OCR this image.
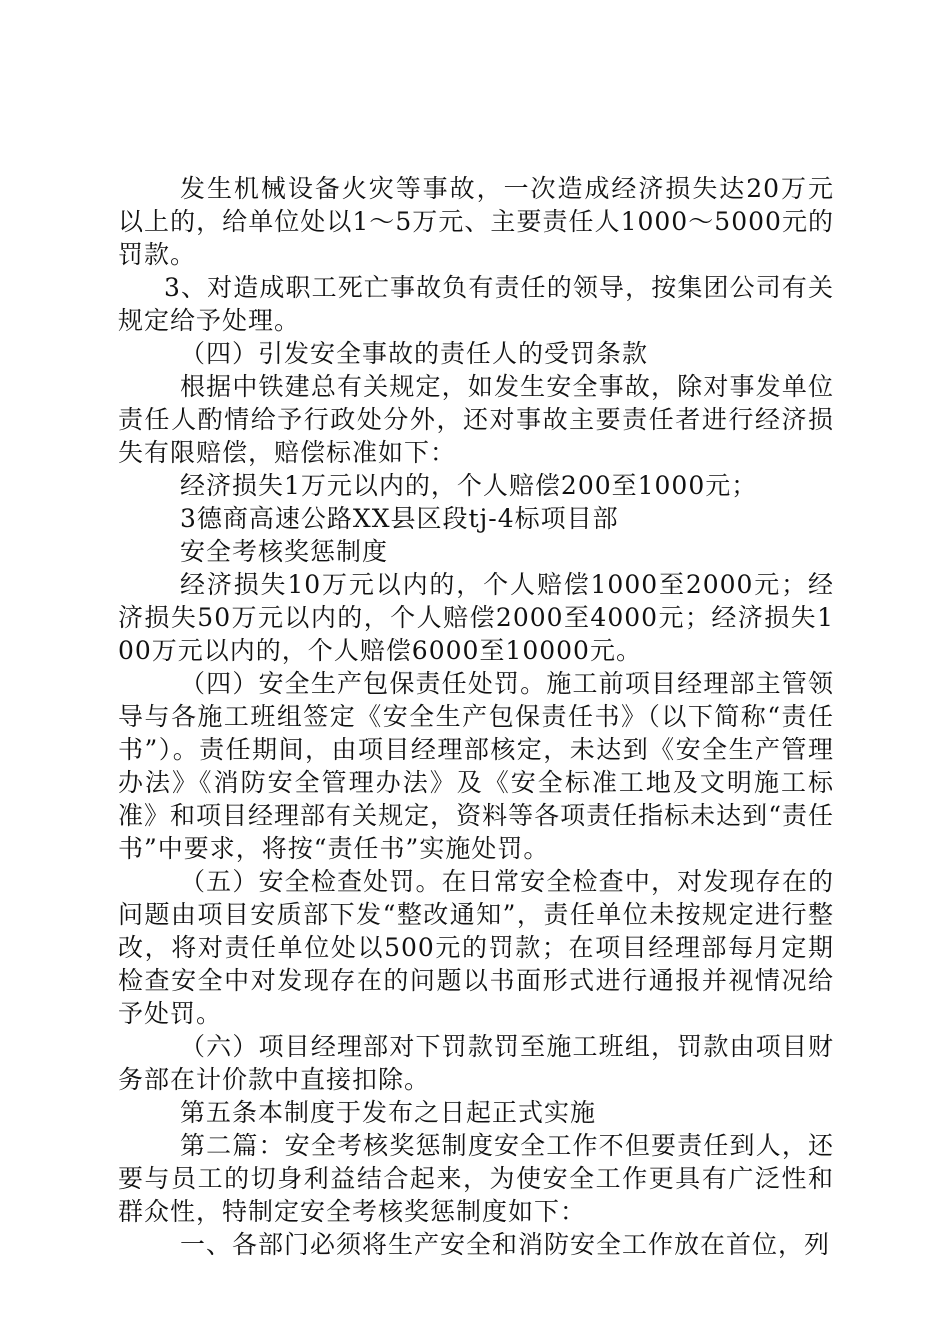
发生机械设备火灾等事故，一次造成经济损失达20万元以上的，给单位处以1～5万元、主要责任人1000～5000元的罚款。

3、对造成职工死亡事故负有责任的领导，按集团公司有关规定给予处理。

（四）引发安全事故的责任人的受罚条款

根据中铁建总有关规定，如发生安全事故，除对事发单位责任人酌情给予行政处分外，还对事故主要责任者进行经济损失有限赔偿，赔偿标准如下：

经济损失1万元以内的，个人赔偿200至1000元；

3德商高速公路XX县区段tj-4标项目部

安全考核奖惩制度

经济损失10万元以内的，个人赔偿1000至2000元；经济损失50万元以内的，个人赔偿2000至4000元；经济损失100万元以内的，个人赔偿6000至10000元。

（四）安全生产包保责任处罚。施工前项目经理部主管领导与各施工班组签定《安全生产包保责任书》（以下简称“责任书”）。责任期间，由项目经理部核定，未达到《安全生产管理办法》《消防安全管理办法》及《安全标准工地及文明施工标准》和项目经理部有关规定，资料等各项责任指标未达到“责任书”中要求，将按“责任书”实施处罚。

（五）安全检查处罚。在日常安全检查中，对发现存在的问题由项目安质部下发“整改通知”，责任单位未按规定进行整改，将对责任单位处以500元的罚款；在项目经理部每月定期检查安全中对发现存在的问题以书面形式进行通报并视情况给予处罚。

（六）项目经理部对下罚款罚至施工班组，罚款由项目财务部在计价款中直接扣除。

第五条本制度于发布之日起正式实施

第二篇：安全考核奖惩制度安全工作不但要责任到人，还要与员工的切身利益结合起来，为使安全工作更具有广泛性和群众性，特制定安全考核奖惩制度如下：

一、各部门必须将生产安全和消防安全工作放在首位，列
